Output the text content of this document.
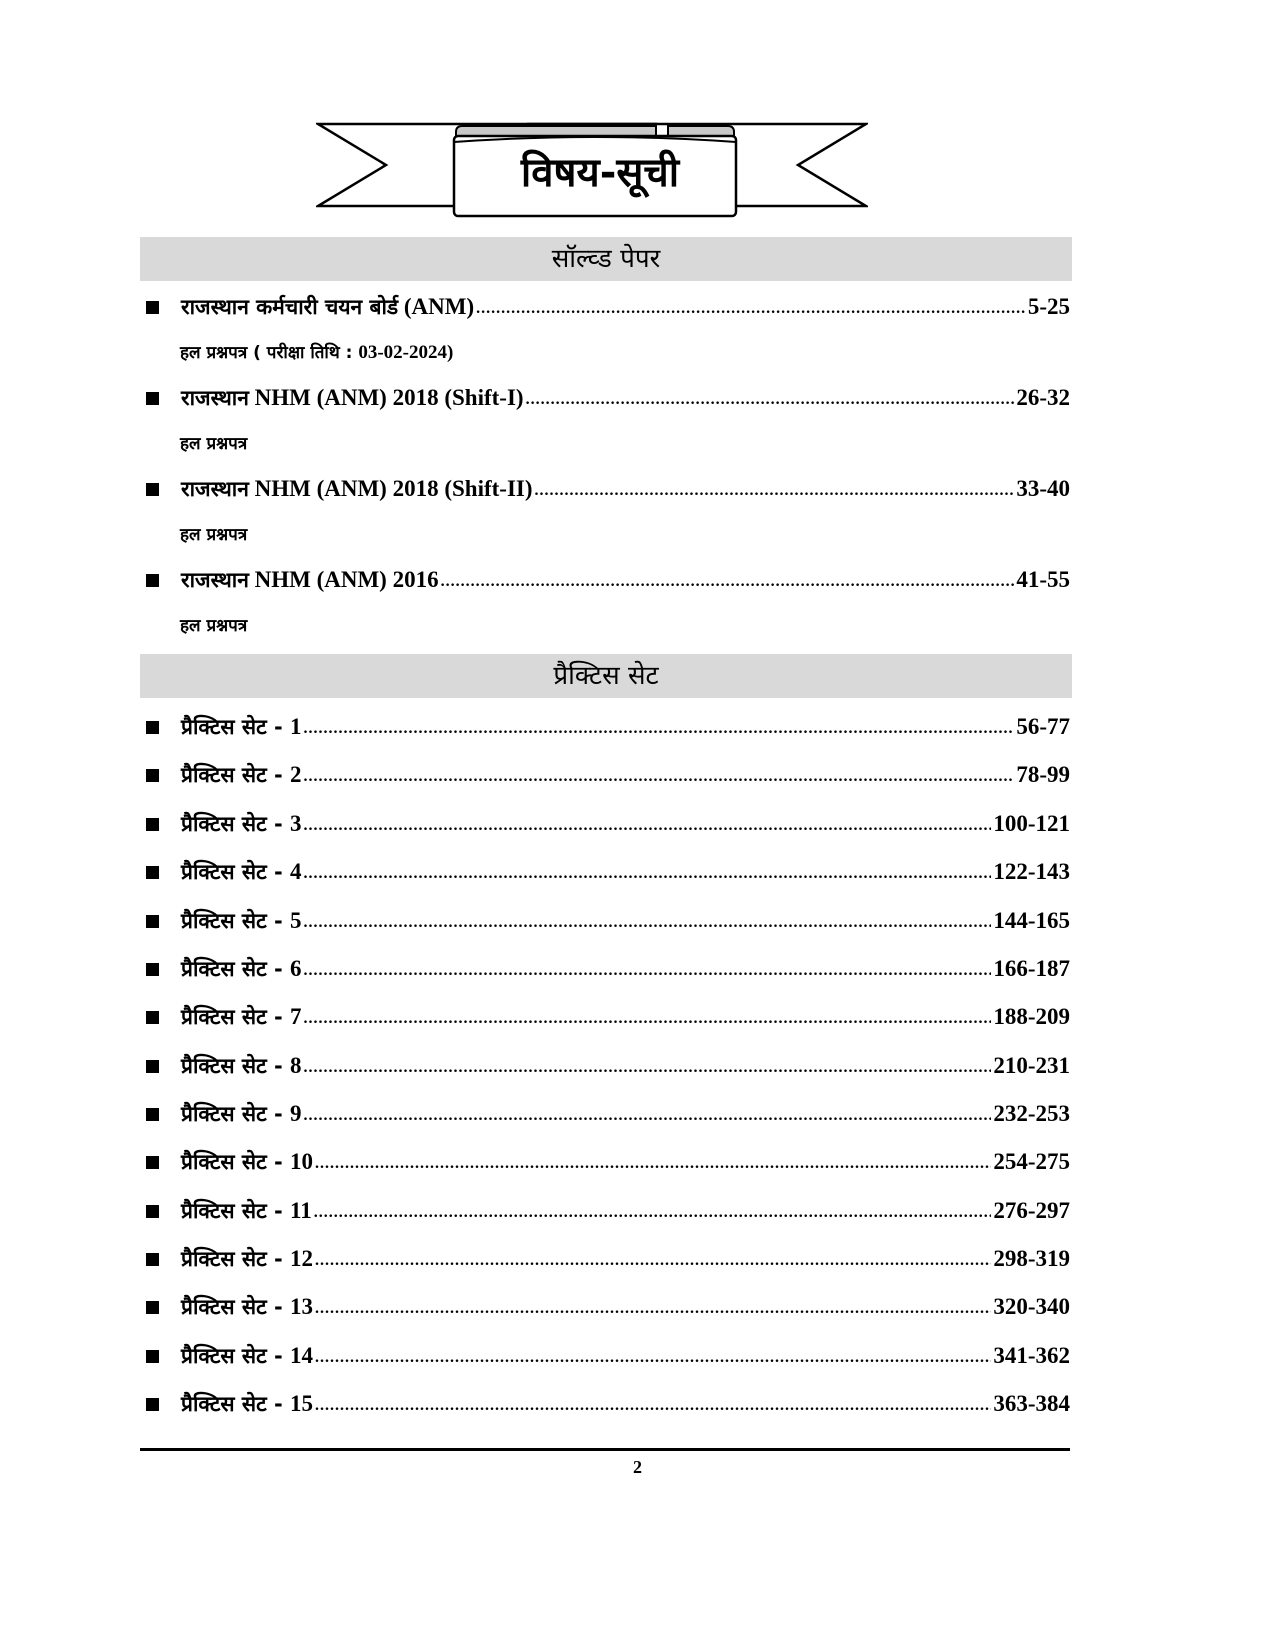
विषय-सूची
सॉल्व्ड पेपर
राजस्थान कर्मचारी चयन बोर्ड (ANM) .....	5-25
हल प्रश्नपत्र ( परीक्षा तिथि : 03-02-2024)
राजस्थान NHM (ANM) 2018 (Shift-I) .....	26-32
हल प्रश्नपत्र
राजस्थान NHM (ANM) 2018 (Shift-II) .....	33-40
हल प्रश्नपत्र
राजस्थान NHM (ANM) 2016 .....	41-55
हल प्रश्नपत्र
प्रैक्टिस सेट
प्रैक्टिस सेट - 1 .....	56-77
प्रैक्टिस सेट - 2 .....	78-99
प्रैक्टिस सेट - 3 .....	100-121
प्रैक्टिस सेट - 4 .....	122-143
प्रैक्टिस सेट - 5 .....	144-165
प्रैक्टिस सेट - 6 .....	166-187
प्रैक्टिस सेट - 7 .....	188-209
प्रैक्टिस सेट - 8 .....	210-231
प्रैक्टिस सेट - 9 .....	232-253
प्रैक्टिस सेट - 10 .....	254-275
प्रैक्टिस सेट - 11 .....	276-297
प्रैक्टिस सेट - 12 .....	298-319
प्रैक्टिस सेट - 13 .....	320-340
प्रैक्टिस सेट - 14 .....	341-362
प्रैक्टिस सेट - 15 .....	363-384
2
